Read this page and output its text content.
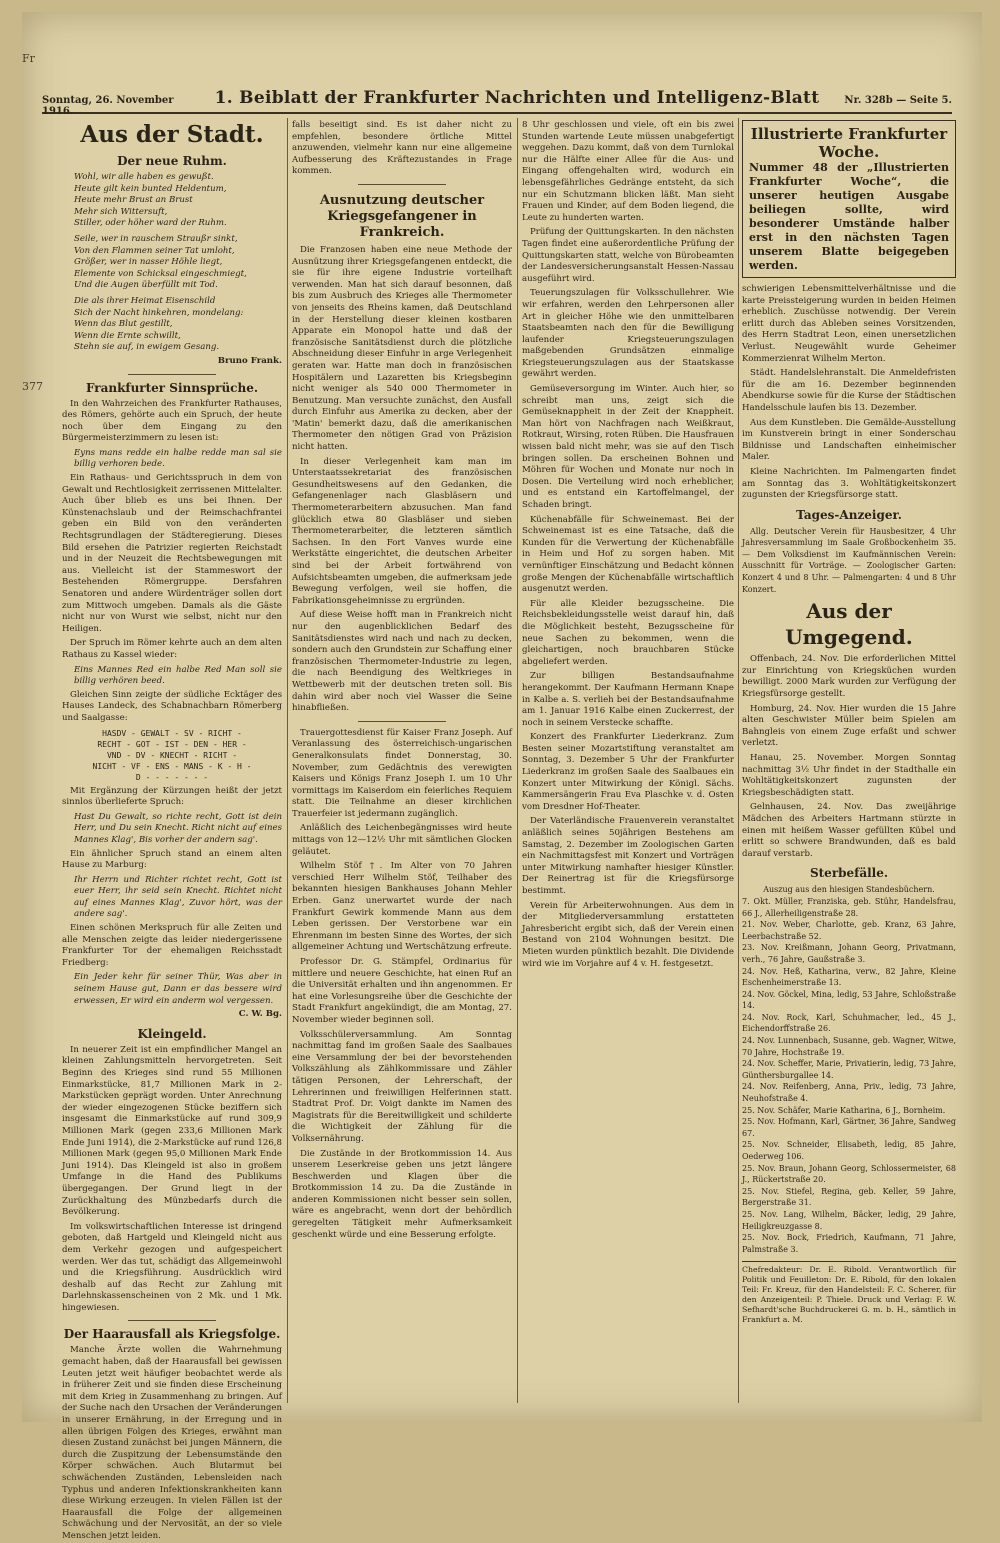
Fr
377
Sonntag, 26. November 1916.
1. Beiblatt der Frankfurter Nachrichten und Intelligenz-Blatt	Nr. 328b — Seite 5.
Aus der Stadt.
Der neue Ruhm.
Wohl, wir alle haben es gewußt.
Heute gilt kein bunted Heldentum,
Heute mehr Brust an Brust
Mehr sich Wittersuft,
Stiller, oder höher ward der Ruhm.
Seile, wer in rauschem Straußr sinkt,
Von den Flammen seiner Tat umloht,
Größer, wer in nasser Höhle liegt,
Elemente von Schicksal eingeschmiegt,
Und die Augen überfüllt mit Tod.
Die als ihrer Heimat Eisenschild
Sich der Nacht hinkehren, mondelang:
Wenn das Blut gestillt,
Wenn die Ernte schwillt,
Stehn sie auf, in ewigem Gesang.
Bruno Frank.
Frankfurter Sinnsprüche.

In den Wahrzeichen des Frankfurter Rathauses, des Römers, gehörte auch ein Spruch, der heute noch über dem Eingang zu den Bürgermeisterzimmern zu lesen ist:

Eyns mans redde ein halbe redde man sal sie billig verhoren bede.

Ein Rathaus- und Gerichtsspruch in dem von Gewalt und Rechtlosigkeit zerrissenen Mittelalter. Auch über blieb es uns bei Ihnen. Der Künstenachslaub und der Reimschachfrantei geben ein Bild von den veränderten Rechtsgrundlagen der Städteregierung. Dieses Bild ersehen die Patrizier regierten Reichstadt und in der Neuzeit die Rechtsbewegungen mit aus. Vielleicht ist der Stammeswort der Bestehenden Römergruppe. Dersfahren Senatoren und andere Würdenträger sollen dort zum Mittwoch umgeben. Damals als die Gäste nicht nur von Wurst wie selbst, nicht nur den Heiligen.

Der Spruch im Römer kehrte auch an dem alten Rathaus zu Kassel wieder:

Eins Mannes Red ein halbe Red Man soll sie billig verhören beed.

Gleichen Sinn zeigte der südliche Ecktäger des Hauses Landeck, des Schabnachbarn Römerberg und Saalgasse:

HASDV - GEWALT - SV - RICHT -
RECHT - GOT - IST - DEN - HER -
VND - DV - KNECHT - RICHT -
NICHT - VF - ENS - MANS - K - H -
D - - - - - - -

Mit Ergänzung der Kürzungen heißt der jetzt sinnlos überlieferte Spruch:

Hast Du Gewalt, so richte recht, Gott ist dein Herr, und Du sein Knecht. Richt nicht auf eines Mannes Klag', Bis vorher der andern sag'.

Ein ähnlicher Spruch stand an einem alten Hause zu Marburg:

Ihr Herrn und Richter richtet recht, Gott ist euer Herr, ihr seid sein Knecht. Richtet nicht auf eines Mannes Klag', Zuvor hört, was der andere sag'.

Einen schönen Merkspruch für alle Zeiten und alle Menschen zeigte das leider niedergerissene Frankfurter Tor der ehemaligen Reichsstadt Friedberg:

Ein Jeder kehr für seiner Thür, Was aber in seinem Hause gut, Dann er das bessere wird erwessen, Er wird ein anderm wol vergessen.

C. W. Bg.
Kleingeld.

In neuerer Zeit ist ein empfindlicher Mangel an kleinen Zahlungsmitteln hervorgetreten. Seit Beginn des Krieges sind rund 55 Millionen Einmarkstücke, 81,7 Millionen Mark in 2-Markstücken geprägt worden. Unter Anrechnung der wieder eingezogenen Stücke beziffern sich insgesamt die Einmarkstücke auf rund 309,9 Millionen Mark (gegen 233,6 Millionen Mark Ende Juni 1914), die 2-Markstücke auf rund 126,8 Millionen Mark (gegen 95,0 Millionen Mark Ende Juni 1914). Das Kleingeld ist also in großem Umfange in die Hand des Publikums übergegangen. Der Grund liegt in der Zurückhaltung des Münzbedarfs durch die Bevölkerung.

Im volkswirtschaftlichen Interesse ist dringend geboten, daß Hartgeld und Kleingeld nicht aus dem Verkehr gezogen und aufgespeichert werden. Wer das tut, schädigt das Allgemeinwohl und die Kriegsführung. Ausdrücklich wird deshalb auf das Recht zur Zahlung mit Darlehnskassenscheinen von 2 Mk. und 1 Mk. hingewiesen.

Der Haarausfall als Kriegsfolge.

Manche Ärzte wollen die Wahrnehmung gemacht haben, daß der Haarausfall bei gewissen Leuten jetzt weit häufiger beobachtet werde als in früherer Zeit und sie finden diese Erscheinung mit dem Krieg in Zusammenhang zu bringen. Auf der Suche nach den Ursachen der Veränderungen in unserer Ernährung, in der Erregung und in allen übrigen Folgen des Krieges, erwähnt man diesen Zustand zunächst bei jungen Männern, die durch die Zuspitzung der Lebensumstände den Körper schwächen. Auch Blutarmut bei schwächenden Zuständen, Lebensleiden nach Typhus und anderen Infektionskrankheiten kann diese Wirkung erzeugen. In vielen Fällen ist der Haarausfall die Folge der allgemeinen Schwächung und der Nervosität, an der so viele Menschen jetzt leiden.

falls beseitigt sind. Es ist daher nicht zu empfehlen, besondere örtliche Mittel anzuwenden, vielmehr kann nur eine allgemeine Aufbesserung des Kräftezustandes in Frage kommen.

Ausnutzung deutscher Kriegsgefangener in Frankreich.

Die Franzosen haben eine neue Methode der Ausnützung ihrer Kriegsgefangenen entdeckt, die sie für ihre eigene Industrie vorteilhaft verwenden. Man hat sich darauf besonnen, daß bis zum Ausbruch des Krieges alle Thermometer von jenseits des Rheins kamen, daß Deutschland in der Herstellung dieser kleinen kostbaren Apparate ein Monopol hatte und daß der französische Sanitätsdienst durch die plötzliche Abschneidung dieser Einfuhr in arge Verlegenheit geraten war. Hatte man doch in französischen Hospitälern und Lazaretten bis Kriegsbeginn nicht weniger als 540 000 Thermometer in Benutzung. Man versuchte zunächst, den Ausfall durch Einfuhr aus Amerika zu decken, aber der 'Matin' bemerkt dazu, daß die amerikanischen Thermometer den nötigen Grad von Präzision nicht hatten.

In dieser Verlegenheit kam man im Unterstaatssekretariat des französischen Gesundheitswesens auf den Gedanken, die Gefangenenlager nach Glasbläsern und Thermometerarbeitern abzusuchen. Man fand glücklich etwa 80 Glasbläser und sieben Thermometerarbeiter, die letzteren sämtlich Sachsen. In den Fort Vanves wurde eine Werkstätte eingerichtet, die deutschen Arbeiter sind bei der Arbeit fortwährend von Aufsichtsbeamten umgeben, die aufmerksam jede Bewegung verfolgen, weil sie hoffen, die Fabrikationsgeheimnisse zu ergründen.

Auf diese Weise hofft man in Frankreich nicht nur den augenblicklichen Bedarf des Sanitätsdienstes wird nach und nach zu decken, sondern auch den Grundstein zur Schaffung einer französischen Thermometer-Industrie zu legen, die nach Beendigung des Weltkrieges in Wettbewerb mit der deutschen treten soll. Bis dahin wird aber noch viel Wasser die Seine hinabfließen.

Trauergottesdienst für Kaiser Franz Joseph. Auf Veranlassung des österreichisch-ungarischen Generalkonsulats findet Donnerstag, 30. November, zum Gedächtnis des verewigten Kaisers und Königs Franz Joseph I. um 10 Uhr vormittags im Kaiserdom ein feierliches Requiem statt. Die Teilnahme an dieser kirchlichen Trauerfeier ist jedermann zugänglich.

Anläßlich des Leichenbegängnisses wird heute mittags von 12—12½ Uhr mit sämtlichen Glocken geläutet.

Wilhelm Stöf †. Im Alter von 70 Jahren verschied Herr Wilhelm Stöf, Teilhaber des bekannten hiesigen Bankhauses Johann Mehler Erben. Ganz unerwartet wurde der nach Frankfurt Gewirk kommende Mann aus dem Leben gerissen. Der Verstorbene war ein Ehrenmann im besten Sinne des Wortes, der sich allgemeiner Achtung und Wertschätzung erfreute.

Professor Dr. G. Stämpfel, Ordinarius für mittlere und neuere Geschichte, hat einen Ruf an die Universität erhalten und ihn angenommen. Er hat eine Vorlesungsreihe über die Geschichte der Stadt Frankfurt angekündigt, die am Montag, 27. November wieder beginnen soll.

Volksschülerversammlung. Am Sonntag nachmittag fand im großen Saale des Saalbaues eine Versammlung der bei der bevorstehenden Volkszählung als Zählkommissare und Zähler tätigen Personen, der Lehrerschaft, der Lehrerinnen und freiwilligen Helferinnen statt. Stadtrat Prof. Dr. Voigt dankte im Namen des Magistrats für die Bereitwilligkeit und schilderte die Wichtigkeit der Zählung für die Volksernährung.

Die Zustände in der Brotkommission 14. Aus unserem Leserkreise geben uns jetzt längere Beschwerden und Klagen über die Brotkommission 14 zu. Da die Zustände in anderen Kommissionen nicht besser sein sollen, wäre es angebracht, wenn dort der behördlich geregelten Tätigkeit mehr Aufmerksamkeit geschenkt würde und eine Besserung erfolgte.

8 Uhr geschlossen und viele, oft ein bis zwei Stunden wartende Leute müssen unabgefertigt weggehen. Dazu kommt, daß von dem Turnlokal nur die Hälfte einer Allee für die Aus- und Eingang offengehalten wird, wodurch ein lebensgefährliches Gedränge entsteht, da sich nur ein Schutzmann blicken läßt. Man sieht Frauen und Kinder, auf dem Boden liegend, die Leute zu hunderten warten.

Prüfung der Quittungskarten. In den nächsten Tagen findet eine außerordentliche Prüfung der Quittungskarten statt, welche von Bürobeamten der Landesversicherungsanstalt Hessen-Nassau ausgeführt wird.

Teuerungszulagen für Volksschullehrer. Wie wir erfahren, werden den Lehrpersonen aller Art in gleicher Höhe wie den unmittelbaren Staatsbeamten nach den für die Bewilligung laufender Kriegsteuerungszulagen maßgebenden Grundsätzen einmalige Kriegsteuerungszulagen aus der Staatskasse gewährt werden.

Gemüseversorgung im Winter. Auch hier, so schreibt man uns, zeigt sich die Gemüseknappheit in der Zeit der Knappheit. Man hört von Nachfragen nach Weißkraut, Rotkraut, Wirsing, roten Rüben. Die Hausfrauen wissen bald nicht mehr, was sie auf den Tisch bringen sollen. Da erscheinen Bohnen und Möhren für Wochen und Monate nur noch in Dosen. Die Verteilung wird noch erheblicher, und es entstand ein Kartoffelmangel, der Schaden bringt.

Küchenabfälle für Schweinemast. Bei der Schweinemast ist es eine Tatsache, daß die Kunden für die Verwertung der Küchenabfälle in Heim und Hof zu sorgen haben. Mit vernünftiger Einschätzung und Bedacht können große Mengen der Küchenabfälle wirtschaftlich ausgenutzt werden.

Für alle Kleider bezugsscheine. Die Reichsbekleidungsstelle weist darauf hin, daß die Möglichkeit besteht, Bezugsscheine für neue Sachen zu bekommen, wenn die gleichartigen, noch brauchbaren Stücke abgeliefert werden.

Zur billigen Bestandsaufnahme herangekommt. Der Kaufmann Hermann Knape in Kalbe a. S. verlieh bei der Bestandsaufnahme am 1. Januar 1916 Kalbe einen Zuckerrest, der noch in seinem Verstecke schaffte.

Konzert des Frankfurter Liederkranz. Zum Besten seiner Mozartstiftung veranstaltet am Sonntag, 3. Dezember 5 Uhr der Frankfurter Liederkranz im großen Saale des Saalbaues ein Konzert unter Mitwirkung der Königl. Sächs. Kammersängerin Frau Eva Plaschke v. d. Osten vom Dresdner Hof-Theater.

Der Vaterländische Frauenverein veranstaltet anläßlich seines 50jährigen Bestehens am Samstag, 2. Dezember im Zoologischen Garten ein Nachmittagsfest mit Konzert und Vorträgen unter Mitwirkung namhafter hiesiger Künstler. Der Reinertrag ist für die Kriegsfürsorge bestimmt.

Verein für Arbeiterwohnungen. Aus dem in der Mitgliederversammlung erstatteten Jahresbericht ergibt sich, daß der Verein einen Bestand von 2104 Wohnungen besitzt. Die Mieten wurden pünktlich bezahlt. Die Dividende wird wie im Vorjahre auf 4 v. H. festgesetzt.

Illustrierte Frankfurter Woche.
Nummer 48 der „Illustrierten Frankfurter Woche“, die unserer heutigen Ausgabe beiliegen sollte, wird besonderer Umstände halber erst in den nächsten Tagen unserem Blatte beigegeben werden.

schwierigen Lebensmittelverhältnisse und die karte Preissteigerung wurden in beiden Heimen erheblich. Zuschüsse notwendig. Der Verein erlitt durch das Ableben seines Vorsitzenden, des Herrn Stadtrat Leon, einen unersetzlichen Verlust. Neugewählt wurde Geheimer Kommerzienrat Wilhelm Merton.

Städt. Handelslehranstalt. Die Anmeldefristen für die am 16. Dezember beginnenden Abendkurse sowie für die Kurse der Städtischen Handelsschule laufen bis 13. Dezember.

Aus dem Kunstleben. Die Gemälde-Ausstellung im Kunstverein bringt in einer Sonderschau Bildnisse und Landschaften einheimischer Maler.

Kleine Nachrichten. Im Palmengarten findet am Sonntag das 3. Wohltätigkeitskonzert zugunsten der Kriegsfürsorge statt.

Tages-Anzeiger.

Allg. Deutscher Verein für Hausbesitzer, 4 Uhr Jahresversammlung im Saale Großbockenheim 35. — Dem Volksdienst im Kaufmännischen Verein: Ausschnitt für Vorträge. — Zoologischer Garten: Konzert 4 und 8 Uhr. — Palmengarten: 4 und 8 Uhr Konzert.

Aus der Umgegend.

Offenbach, 24. Nov. Die erforderlichen Mittel zur Einrichtung von Kriegsküchen wurden bewilligt. 2000 Mark wurden zur Verfügung der Kriegsfürsorge gestellt.

Homburg, 24. Nov. Hier wurden die 15 Jahre alten Geschwister Müller beim Spielen am Bahngleis von einem Zuge erfaßt und schwer verletzt.

Hanau, 25. November. Morgen Sonntag nachmittag 3½ Uhr findet in der Stadthalle ein Wohltätigkeitskonzert zugunsten der Kriegsbeschädigten statt.

Gelnhausen, 24. Nov. Das zweijährige Mädchen des Arbeiters Hartmann stürzte in einen mit heißem Wasser gefüllten Kübel und erlitt so schwere Brandwunden, daß es bald darauf verstarb.

Sterbefälle.
Auszug aus den hiesigen Standesbüchern.

7. Okt. Müller, Franziska, geb. Stühr, Handelsfrau, 66 J., Allerheiligenstraße 28.

21. Nov. Weber, Charlotte, geb. Kranz, 63 Jahre, Leerbachstraße 52.

23. Nov. Kreißmann, Johann Georg, Privatmann, verh., 76 Jahre, Gaußstraße 3.

24. Nov. Heß, Katharina, verw., 82 Jahre, Kleine Eschenheimerstraße 13.

24. Nov. Göckel, Mina, ledig, 53 Jahre, Schloßstraße 14.

24. Nov. Rock, Karl, Schuhmacher, led., 45 J., Eichendorffstraße 26.

24. Nov. Lunnenbach, Susanne, geb. Wagner, Witwe, 70 Jahre, Hochstraße 19.

24. Nov. Scheffer, Marie, Privatierin, ledig, 73 Jahre, Günthersburgallee 14.

24. Nov. Reifenberg, Anna, Priv., ledig, 73 Jahre, Neuhofstraße 4.

25. Nov. Schäfer, Marie Katharina, 6 J., Bornheim.

25. Nov. Hofmann, Karl, Gärtner, 36 Jahre, Sandweg 67.

25. Nov. Schneider, Elisabeth, ledig, 85 Jahre, Oederweg 106.

25. Nov. Braun, Johann Georg, Schlossermeister, 68 J., Rückertstraße 20.

25. Nov. Stiefel, Regina, geb. Keller, 59 Jahre, Bergerstraße 31.

25. Nov. Lang, Wilhelm, Bäcker, ledig, 29 Jahre, Heiligkreuzgasse 8.

25. Nov. Bock, Friedrich, Kaufmann, 71 Jahre, Palmstraße 3.

Chefredakteur: Dr. E. Ribold. Verantwortlich für Politik und Feuilleton: Dr. E. Ribold, für den lokalen Teil: Fr. Kreuz, für den Handelsteil: F. C. Scherer, für den Anzeigenteil: P. Thiele. Druck und Verlag: F. W. Sefhardt'sche Buchdruckerei G. m. b. H., sämtlich in Frankfurt a. M.
